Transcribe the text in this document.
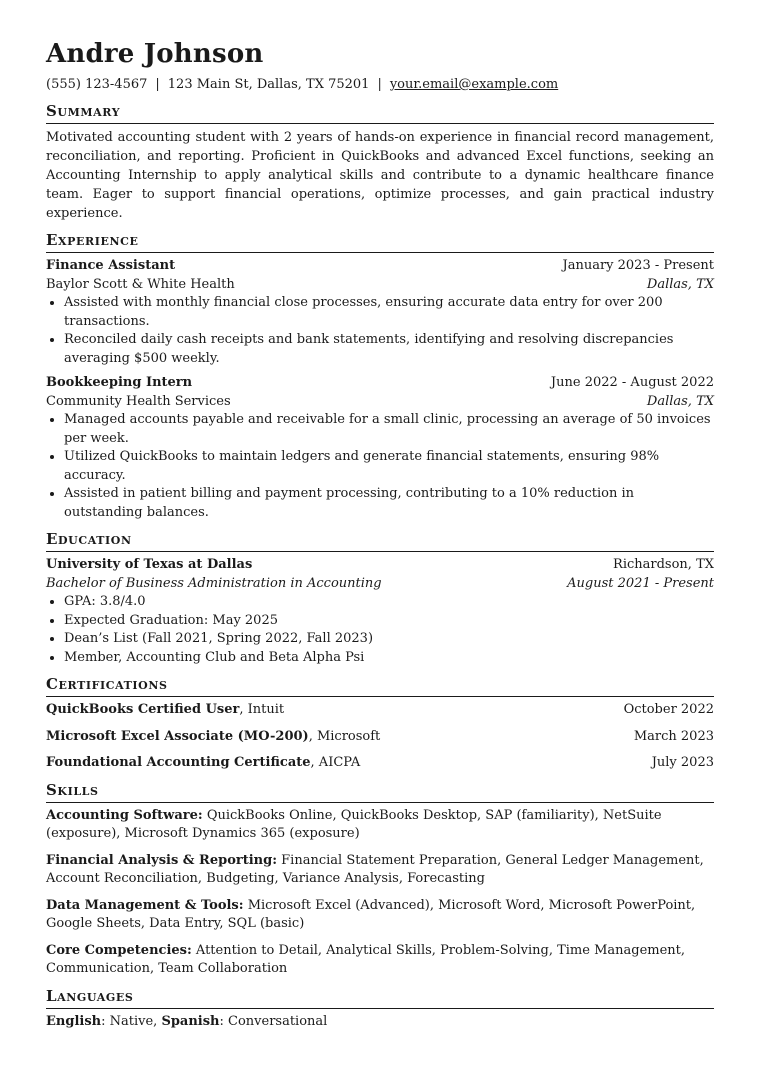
Andre Johnson
(555) 123-4567 | 123 Main St, Dallas, TX 75201 | your.email@example.com
Summary

Motivated accounting student with 2 years of hands-on experience in financial record management, reconciliation, and reporting. Proficient in QuickBooks and advanced Excel functions, seeking an Accounting Internship to apply analytical skills and contribute to a dynamic healthcare finance team. Eager to support financial operations, optimize processes, and gain practical industry experience.

Experience
Finance Assistant	January 2023 - Present
Baylor Scott & White Health	Dallas, TX
• Assisted with monthly financial close processes, ensuring accurate data entry for over 200 transactions.
• Reconciled daily cash receipts and bank statements, identifying and resolving discrepancies averaging $500 weekly.
Bookkeeping Intern	June 2022 - August 2022
Community Health Services	Dallas, TX
• Managed accounts payable and receivable for a small clinic, processing an average of 50 invoices per week.
• Utilized QuickBooks to maintain ledgers and generate financial statements, ensuring 98% accuracy.
• Assisted in patient billing and payment processing, contributing to a 10% reduction in outstanding balances.
Education
University of Texas at Dallas	Richardson, TX
Bachelor of Business Administration in Accounting	August 2021 - Present
• GPA: 3.8/4.0
• Expected Graduation: May 2025
• Dean’s List (Fall 2021, Spring 2022, Fall 2023)
• Member, Accounting Club and Beta Alpha Psi
Certifications
QuickBooks Certified User, Intuit	October 2022
Microsoft Excel Associate (MO-200), Microsoft	March 2023
Foundational Accounting Certificate, AICPA	July 2023
Skills
Accounting Software: QuickBooks Online, QuickBooks Desktop, SAP (familiarity), NetSuite (exposure), Microsoft Dynamics 365 (exposure)
Financial Analysis & Reporting: Financial Statement Preparation, General Ledger Management, Account Reconciliation, Budgeting, Variance Analysis, Forecasting
Data Management & Tools: Microsoft Excel (Advanced), Microsoft Word, Microsoft PowerPoint, Google Sheets, Data Entry, SQL (basic)
Core Competencies: Attention to Detail, Analytical Skills, Problem-Solving, Time Management, Communication, Team Collaboration
Languages
English: Native, Spanish: Conversational
